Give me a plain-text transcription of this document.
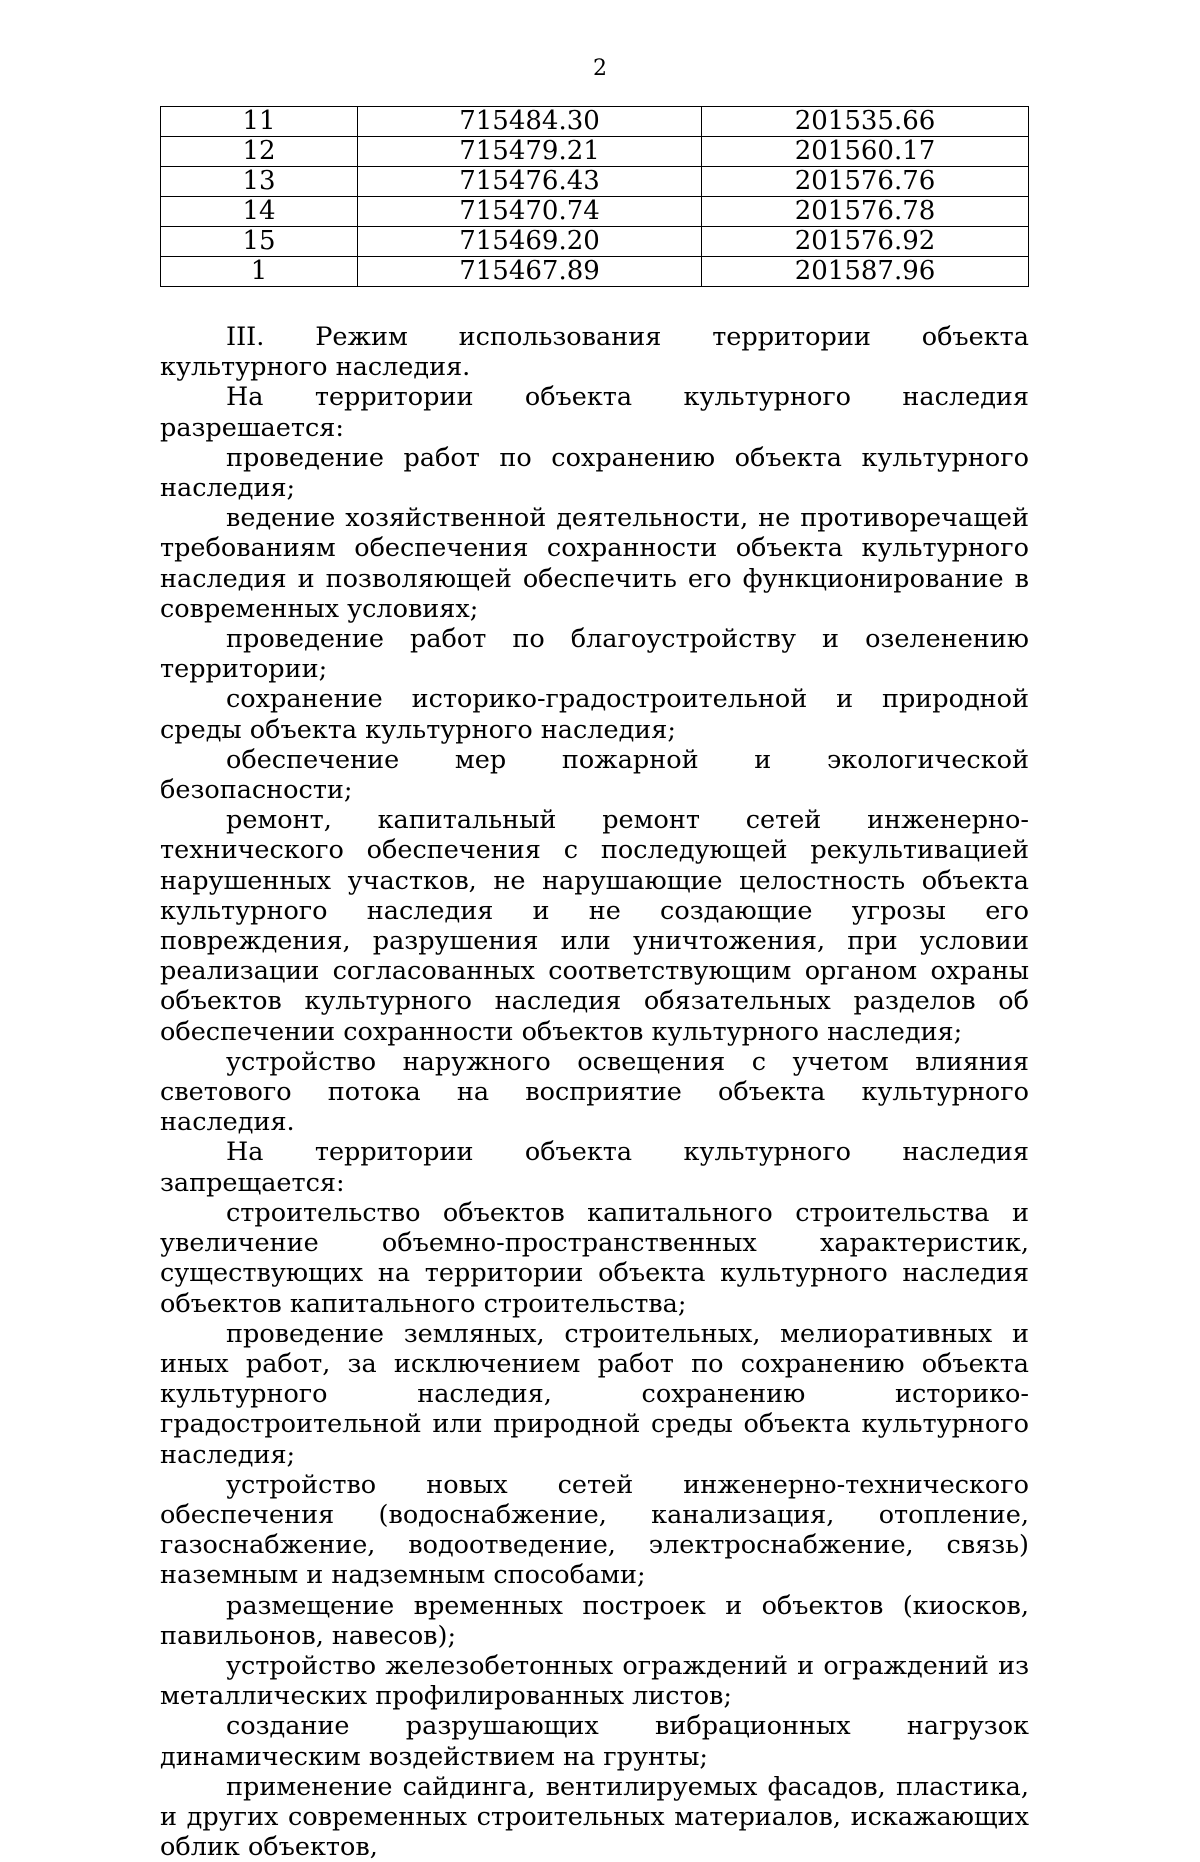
2
11	715484.30	201535.66
12	715479.21	201560.17
13	715476.43	201576.76
14	715470.74	201576.78
15	715469.20	201576.92
1	715467.89	201587.96

III. Режим использования территории объекта культурного наследия.

На территории объекта культурного наследия разрешается:

проведение работ по сохранению объекта культурного наследия;

ведение хозяйственной деятельности, не противоречащей требованиям обеспечения сохранности объекта культурного наследия и позволяющей обеспечить его функционирование в современных условиях;

проведение работ по благоустройству и озеленению территории;

сохранение историко-градостроительной и природной среды объекта культурного наследия;

обеспечение мер пожарной и экологической безопасности;

ремонт, капитальный ремонт сетей инженерно-технического обеспечения с последующей рекультивацией нарушенных участков, не нарушающие целостность объекта культурного наследия и не создающие угрозы его повреждения, разрушения или уничтожения, при условии реализации согласованных соответствующим органом охраны объектов культурного наследия обязательных разделов об обеспечении сохранности объектов культурного наследия;

устройство наружного освещения с учетом влияния светового потока на восприятие объекта культурного наследия.

На территории объекта культурного наследия запрещается:

строительство объектов капитального строительства и увеличение объемно-пространственных характеристик, существующих на территории объекта культурного наследия объектов капитального строительства;

проведение земляных, строительных, мелиоративных и иных работ, за исключением работ по сохранению объекта культурного наследия, сохранению историко-градостроительной или природной среды объекта культурного наследия;

устройство новых сетей инженерно-технического обеспечения (водоснабжение, канализация, отопление, газоснабжение, водоотведение, электроснабжение, связь) наземным и надземным способами;

размещение временных построек и объектов (киосков, павильонов, навесов);

устройство железобетонных ограждений и ограждений из металлических профилированных листов;

создание разрушающих вибрационных нагрузок динамическим воздействием на грунты;

применение сайдинга, вентилируемых фасадов, пластика, и других современных строительных материалов, искажающих облик объектов,
